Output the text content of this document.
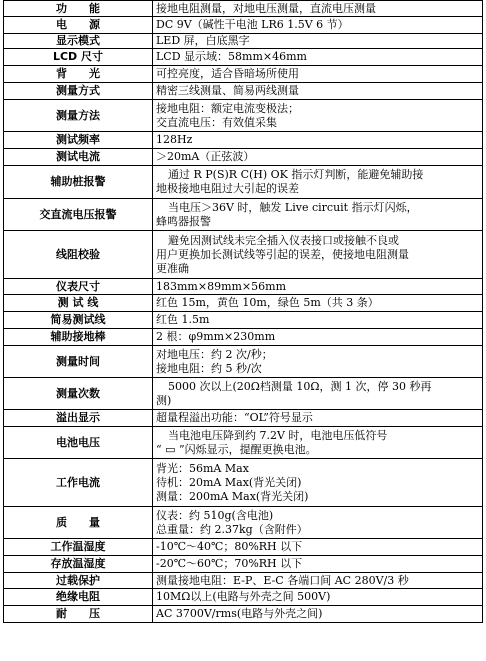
功　　能	接地电阻测量，对地电压测量，直流电压测量

电　　源	DC 9V（碱性干电池 LR6 1.5V 6 节）

显示模式	LED 屏，白底黑字

LCD 尺寸	LCD 显示域：58mm×46mm

背　　光	可控亮度，适合昏暗场所使用

测量方式	精密三线测量、简易两线测量

测量方法	接地电阻：额定电流变极法；
交直流电压：有效值采集

测试频率	128Hz

测试电流	＞20mA（正弦波）

辅助桩报警	通过 R P(S)R C(H) OK 指示灯判断，能避免辅助接
地极接地电阻过大引起的误差

交直流电压报警	当电压＞36V 时，触发 Live circuit 指示灯闪烁，
蜂鸣器报警

线阻校验	避免因测试线未完全插入仪表接口或接触不良或
用户更换加长测试线等引起的误差，使接地电阻测量
更准确

仪表尺寸	183mm×89mm×56mm

测 试 线	红色 15m，黄色 10m，绿色 5m（共 3 条）

简易测试线	红色 1.5m

辅助接地棒	2 根：φ9mm×230mm

测量时间	对地电压：约 2 次/秒；
接地电阻：约 5 秒/次

测量次数	5000 次以上(20Ω档测量 10Ω，测 1 次，停 30 秒再
测)

溢出显示	超量程溢出功能：“OL”符号显示

电池电压	当电池电压降到约 7.2V 时，电池电压低符号
“ ▭ ”闪烁显示，提醒更换电池。

工作电流	背光：56mA Max
待机：20mA Max(背光关闭)
测量：200mA Max(背光关闭)

质　　量	仪表：约 510g(含电池)
总重量：约 2.37kg（含附件）

工作温湿度	-10℃～40℃；80%RH 以下

存放温湿度	-20℃～60℃；70%RH 以下

过载保护	测量接地电阻：E-P、E-C 各端口间 AC 280V/3 秒

绝缘电阻	10MΩ以上(电路与外壳之间 500V)

耐　　压	AC 3700V/rms(电路与外壳之间)
